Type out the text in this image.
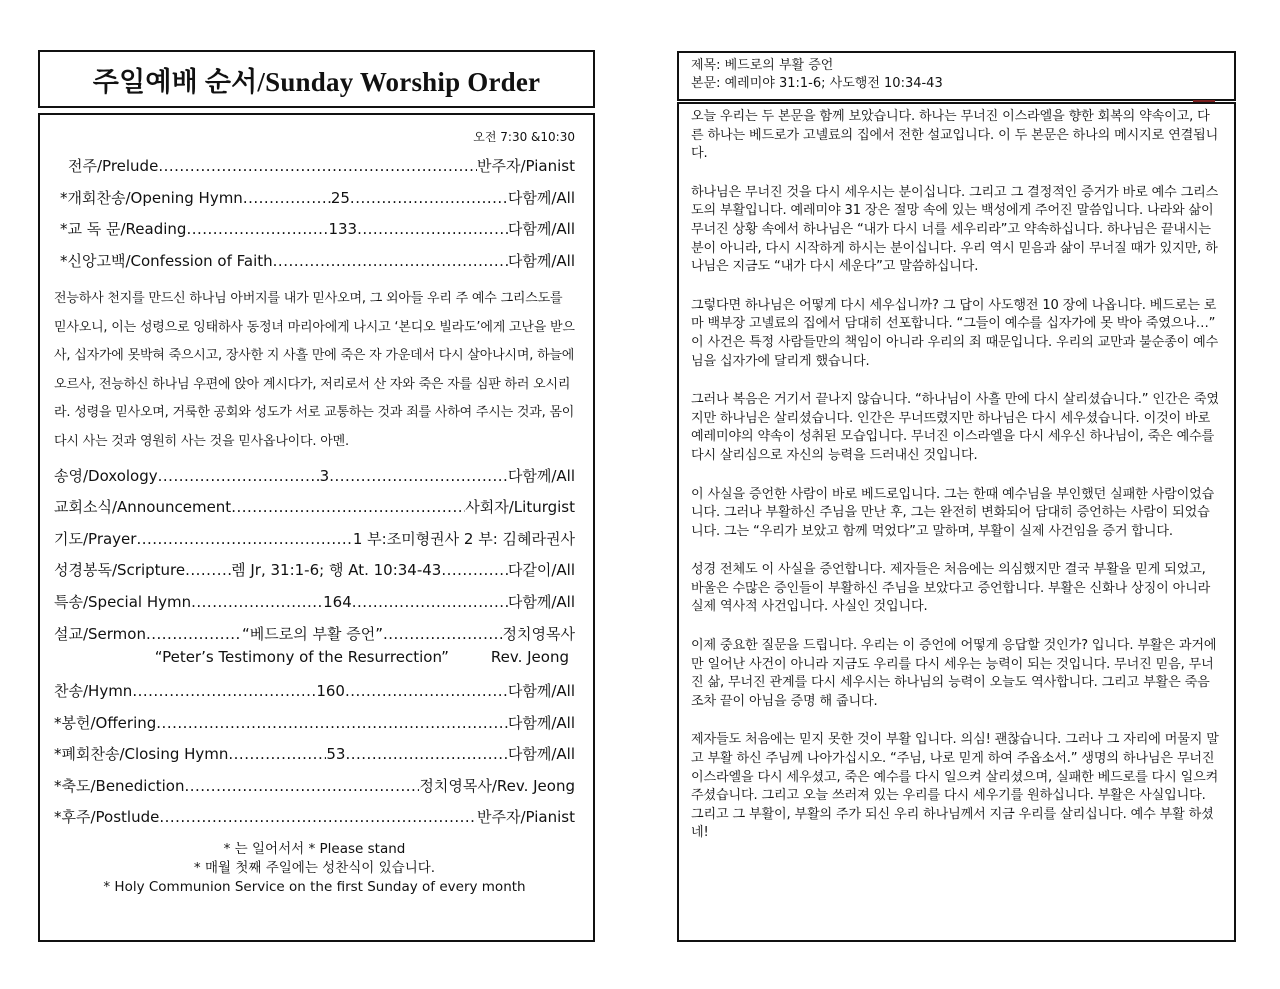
주일예배 순서/Sunday Worship Order
오전 7:30 &10:30
전주/Prelude .....	반주자/Pianist
*개회찬송/Opening Hymn .....	25 .....	다함께/All
*교 독 문/Reading .....	133 .....	다함께/All
*신앙고백/Confession of Faith .....	다함께/All
전능하사 천지를 만드신 하나님 아버지를 내가 믿사오며, 그 외아들 우리 주 예수 그리스도를 믿사오니, 이는 성령으로 잉태하사 동정녀 마리아에게 나시고 ‘본디오 빌라도’에게 고난을 받으사, 십자가에 못박혀 죽으시고, 장사한 지 사흘 만에 죽은 자 가운데서 다시 살아나시며, 하늘에 오르사, 전능하신 하나님 우편에 앉아 계시다가, 저리로서 산 자와 죽은 자를 심판 하러 오시리라. 성령을 믿사오며, 거룩한 공회와 성도가 서로 교통하는 것과 죄를 사하여 주시는 것과, 몸이 다시 사는 것과 영원히 사는 것을 믿사옵나이다. 아멘.
송영/Doxology .....	3 .....	다함께/All
교회소식/Announcement .....	사회자/Liturgist
기도/Prayer .....	1 부:조미형권사 2 부: 김혜라권사
성경봉독/Scripture .....	렘 Jr, 31:1-6; 행 At. 10:34-43 .....	다같이/All
특송/Special Hymn .....	164 .....	다함께/All
설교/Sermon .....	“베드로의 부활 증언” .....	정치영목사
“Peter’s Testimony of the Resurrection”	Rev. Jeong
찬송/Hymn .....	160 .....	다함께/All
*봉헌/Offering .....	다함께/All
*폐회찬송/Closing Hymn .....	53 .....	다함께/All
*축도/Benediction .....	정치영목사/Rev. Jeong
*후주/Postlude .....	반주자/Pianist
* 는 일어서서 * Please stand
* 매월 첫째 주일에는 성찬식이 있습니다.
* Holy Communion Service on the first Sunday of every month
제목: 베드로의 부활 증언
본문: 예레미야 31:1-6; 사도행전 10:34-43

오늘 우리는 두 본문을 함께 보았습니다. 하나는 무너진 이스라엘을 향한 회복의 약속이고, 다른 하나는 베드로가 고넬료의 집에서 전한 설교입니다. 이 두 본문은 하나의 메시지로 연결됩니다.

하나님은 무너진 것을 다시 세우시는 분이십니다. 그리고 그 결정적인 증거가 바로 예수 그리스도의 부활입니다. 예레미야 31 장은 절망 속에 있는 백성에게 주어진 말씀입니다. 나라와 삶이 무너진 상황 속에서 하나님은 “내가 다시 너를 세우리라”고 약속하십니다. 하나님은 끝내시는 분이 아니라, 다시 시작하게 하시는 분이십니다. 우리 역시 믿음과 삶이 무너질 때가 있지만, 하나님은 지금도 “내가 다시 세운다”고 말씀하십니다.

그렇다면 하나님은 어떻게 다시 세우십니까? 그 답이 사도행전 10 장에 나옵니다. 베드로는 로마 백부장 고넬료의 집에서 담대히 선포합니다. “그들이 예수를 십자가에 못 박아 죽였으나…” 이 사건은 특정 사람들만의 책임이 아니라 우리의 죄 때문입니다. 우리의 교만과 불순종이 예수님을 십자가에 달리게 했습니다.

그러나 복음은 거기서 끝나지 않습니다. “하나님이 사흘 만에 다시 살리셨습니다.” 인간은 죽였지만 하나님은 살리셨습니다. 인간은 무너뜨렸지만 하나님은 다시 세우셨습니다. 이것이 바로 예레미야의 약속이 성취된 모습입니다. 무너진 이스라엘을 다시 세우신 하나님이, 죽은 예수를 다시 살리심으로 자신의 능력을 드러내신 것입니다.

이 사실을 증언한 사람이 바로 베드로입니다. 그는 한때 예수님을 부인했던 실패한 사람이었습니다. 그러나 부활하신 주님을 만난 후, 그는 완전히 변화되어 담대히 증언하는 사람이 되었습니다. 그는 “우리가 보았고 함께 먹었다”고 말하며, 부활이 실제 사건임을 증거 합니다.

성경 전체도 이 사실을 증언합니다. 제자들은 처음에는 의심했지만 결국 부활을 믿게 되었고, 바울은 수많은 증인들이 부활하신 주님을 보았다고 증언합니다. 부활은 신화나 상징이 아니라 실제 역사적 사건입니다. 사실인 것입니다.

이제 중요한 질문을 드립니다. 우리는 이 증언에 어떻게 응답할 것인가? 입니다. 부활은 과거에만 일어난 사건이 아니라 지금도 우리를 다시 세우는 능력이 되는 것입니다. 무너진 믿음, 무너진 삶, 무너진 관계를 다시 세우시는 하나님의 능력이 오늘도 역사합니다. 그리고 부활은 죽음 조차 끝이 아님을 증명 해 줍니다.

제자들도 처음에는 믿지 못한 것이 부활 입니다. 의심! 괜찮습니다. 그러나 그 자리에 머물지 말고 부활 하신 주님께 나아가십시오. “주님, 나로 믿게 하여 주옵소서.” 생명의 하나님은 무너진 이스라엘을 다시 세우셨고, 죽은 예수를 다시 일으켜 살리셨으며, 실패한 베드로를 다시 일으켜 주셨습니다. 그리고 오늘 쓰러져 있는 우리를 다시 세우기를 원하십니다. 부활은 사실입니다. 그리고 그 부활이, 부활의 주가 되신 우리 하나님께서 지금 우리를 살리십니다. 예수 부활 하셨네!
